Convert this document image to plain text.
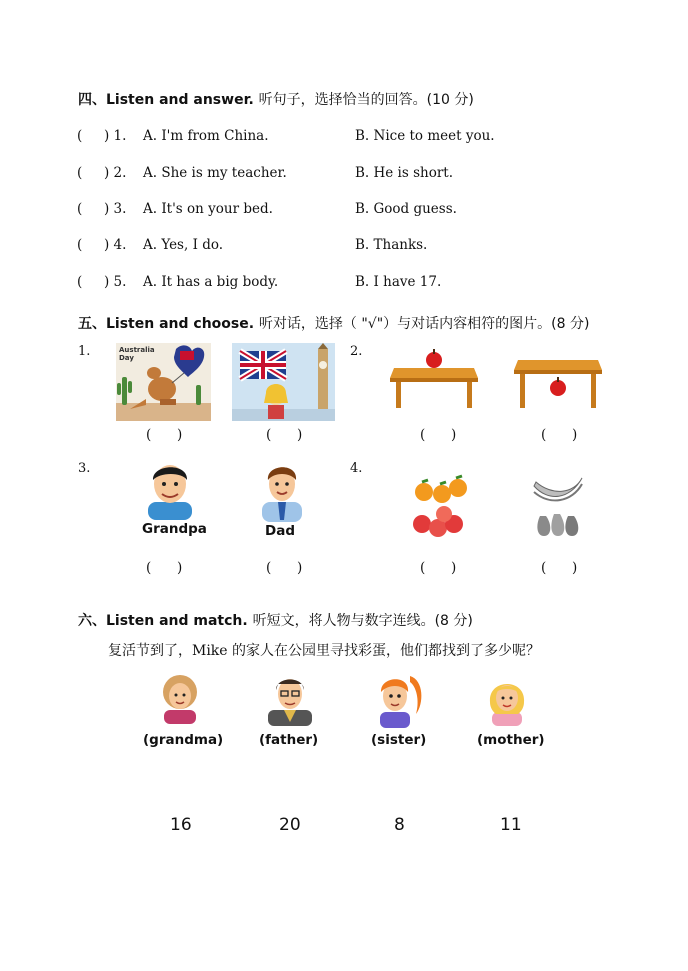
四、Listen and answer. 听句子，选择恰当的回答。(10 分)
( ) 1. A. I'm from China.	B. Nice to meet you.
( ) 2. A. She is my teacher.	B. He is short.
( ) 3. A. It's on your bed.	B. Good guess.
( ) 4. A. Yes, I do.	B. Thanks.
( ) 5. A. It has a big body.	B. I have 17.
五、Listen and choose. 听对话，选择（ "√"）与对话内容相符的图片。(8 分)
1.	2.
3.	4.
Australia Day
Grandpa	Dad
(      )	(      )	(      )	(      )
(      )	(      )	(      )	(      )
六、Listen and match. 听短文，将人物与数字连线。(8 分)
复活节到了，Mike 的家人在公园里寻找彩蛋，他们都找到了多少呢？
(grandma)	(father)	(sister)	(mother)
16	20	8	11
